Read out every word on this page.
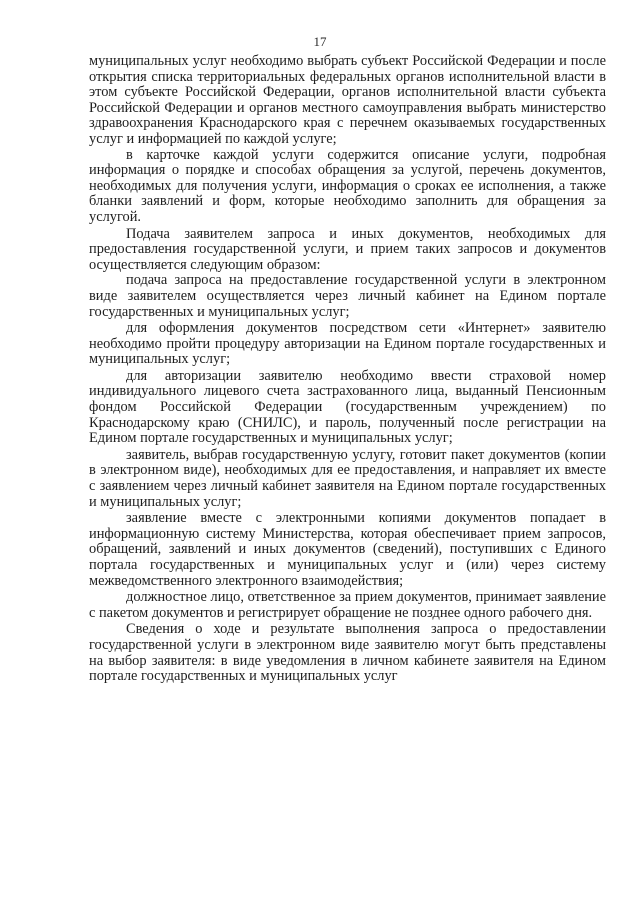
17

муниципальных услуг необходимо выбрать субъект Российской Федерации и после открытия списка территориальных федеральных органов исполнительной власти в этом субъекте Российской Федерации, органов исполнительной власти субъекта Российской Федерации и органов местного самоуправления выбрать министерство здравоохранения Краснодарского края с перечнем оказываемых государственных услуг и информацией по каждой услуге;

в карточке каждой услуги содержится описание услуги, подробная информация о порядке и способах обращения за услугой, перечень документов, необходимых для получения услуги, информация о сроках ее исполнения, а также бланки заявлений и форм, которые необходимо заполнить для обращения за услугой.

Подача заявителем запроса и иных документов, необходимых для предоставления государственной услуги, и прием таких запросов и документов осуществляется следующим образом:

подача запроса на предоставление государственной услуги в электронном виде заявителем осуществляется через личный кабинет на Едином портале государственных и муниципальных услуг;

для оформления документов посредством сети «Интернет» заявителю необходимо пройти процедуру авторизации на Едином портале государственных и муниципальных услуг;

для авторизации заявителю необходимо ввести страховой номер индивидуального лицевого счета застрахованного лица, выданный Пенсионным фондом Российской Федерации (государственным учреждением) по Краснодарскому краю (СНИЛС), и пароль, полученный после регистрации на Едином портале государственных и муниципальных услуг;

заявитель, выбрав государственную услугу, готовит пакет документов (копии в электронном виде), необходимых для ее предоставления, и направляет их вместе с заявлением через личный кабинет заявителя на Едином портале государственных и муниципальных услуг;

заявление вместе с электронными копиями документов попадает в информационную систему Министерства, которая обеспечивает прием запросов, обращений, заявлений и иных документов (сведений), поступивших с Единого портала государственных и муниципальных услуг и (или) через систему межведомственного электронного взаимодействия;

должностное лицо, ответственное за прием документов, принимает заявление с пакетом документов и регистрирует обращение не позднее одного рабочего дня.

Сведения о ходе и результате выполнения запроса о предоставлении государственной услуги в электронном виде заявителю могут быть представлены на выбор заявителя: в виде уведомления в личном кабинете заявителя на Едином портале государственных и муниципальных услуг
